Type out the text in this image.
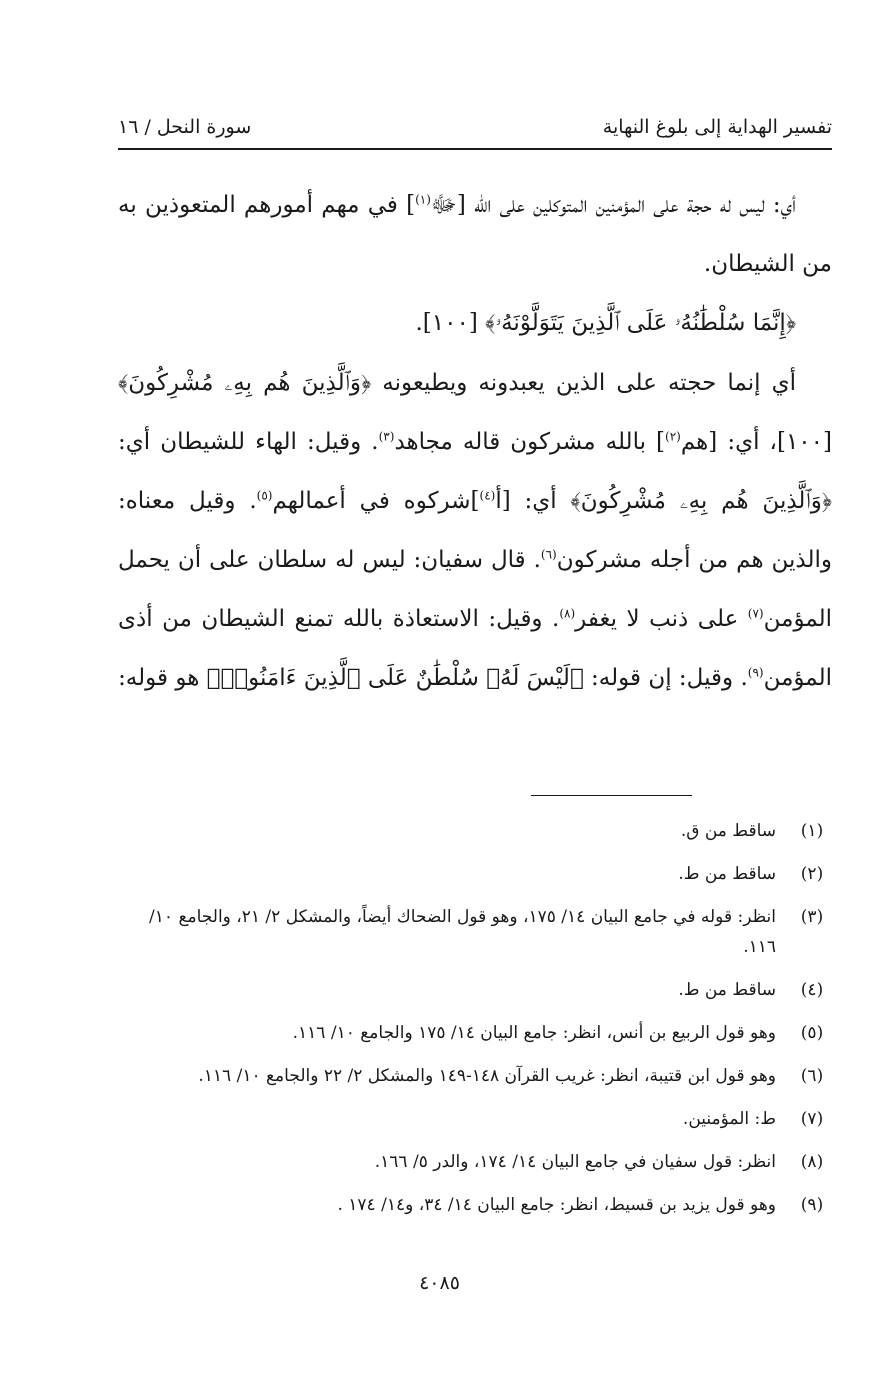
تفسير الهداية إلى بلوغ النهاية
سورة النحل / ١٦

أي: ليس له حجة على المؤمنين المتوكلين على الله [ﷻ$^{(١)}$] في مهم أمورهم المتعوذين به من الشيطان.

﴿إِنَّمَا سُلْطَٰنُهُۥ عَلَى ٱلَّذِينَ يَتَوَلَّوْنَهُۥ﴾ [١٠٠].

أي إنما حجته على الذين يعبدونه ويطيعونه ﴿وَٱلَّذِينَ هُم بِهِۦ مُشْرِكُونَ﴾ [١٠٠]، أي: [هم$^{(٢)}$] بالله مشركون قاله مجاهد$^{(٣)}$. وقيل: الهاء للشيطان أي: ﴿وَٱلَّذِينَ هُم بِهِۦ مُشْرِكُونَ﴾ أي: [أ$^{(٤)}$]شركوه في أعمالهم$^{(٥)}$. وقيل معناه: والذين هم من أجله مشركون$^{(٦)}$. قال سفيان: ليس له سلطان على أن يحمل المؤمن$^{(٧)}$ على ذنب لا يغفر$^{(٨)}$. وقيل: الاستعاذة بالله تمنع الشيطان من أذى المؤمن$^{(٩)}$. وقيل: إن قوله: ﴿لَيْسَ لَهُۥ سُلْطَٰنٌ عَلَى ٱلَّذِينَ ءَامَنُوا۟﴾ هو قوله:

(١)
ساقط من ق.
(٢)
ساقط من ط.
(٣)
انظر: قوله في جامع البيان ١٤/ ١٧٥، وهو قول الضحاك أيضاً، والمشكل ٢/ ٢١، والجامع ١٠/ ١١٦.
(٤)
ساقط من ط.
(٥)
وهو قول الربيع بن أنس، انظر: جامع البيان ١٤/ ١٧٥ والجامع ١٠/ ١١٦.
(٦)
وهو قول ابن قتيبة، انظر: غريب القرآن ١٤٨-١٤٩ والمشكل ٢/ ٢٢ والجامع ١٠/ ١١٦.
(٧)
ط: المؤمنين.
(٨)
انظر: قول سفيان في جامع البيان ١٤/ ١٧٤، والدر ٥/ ١٦٦.
(٩)
وهو قول يزيد بن قسيط، انظر: جامع البيان ١٤/ ٣٤، و١٤/ ١٧٤ .
٤٠٨٥
